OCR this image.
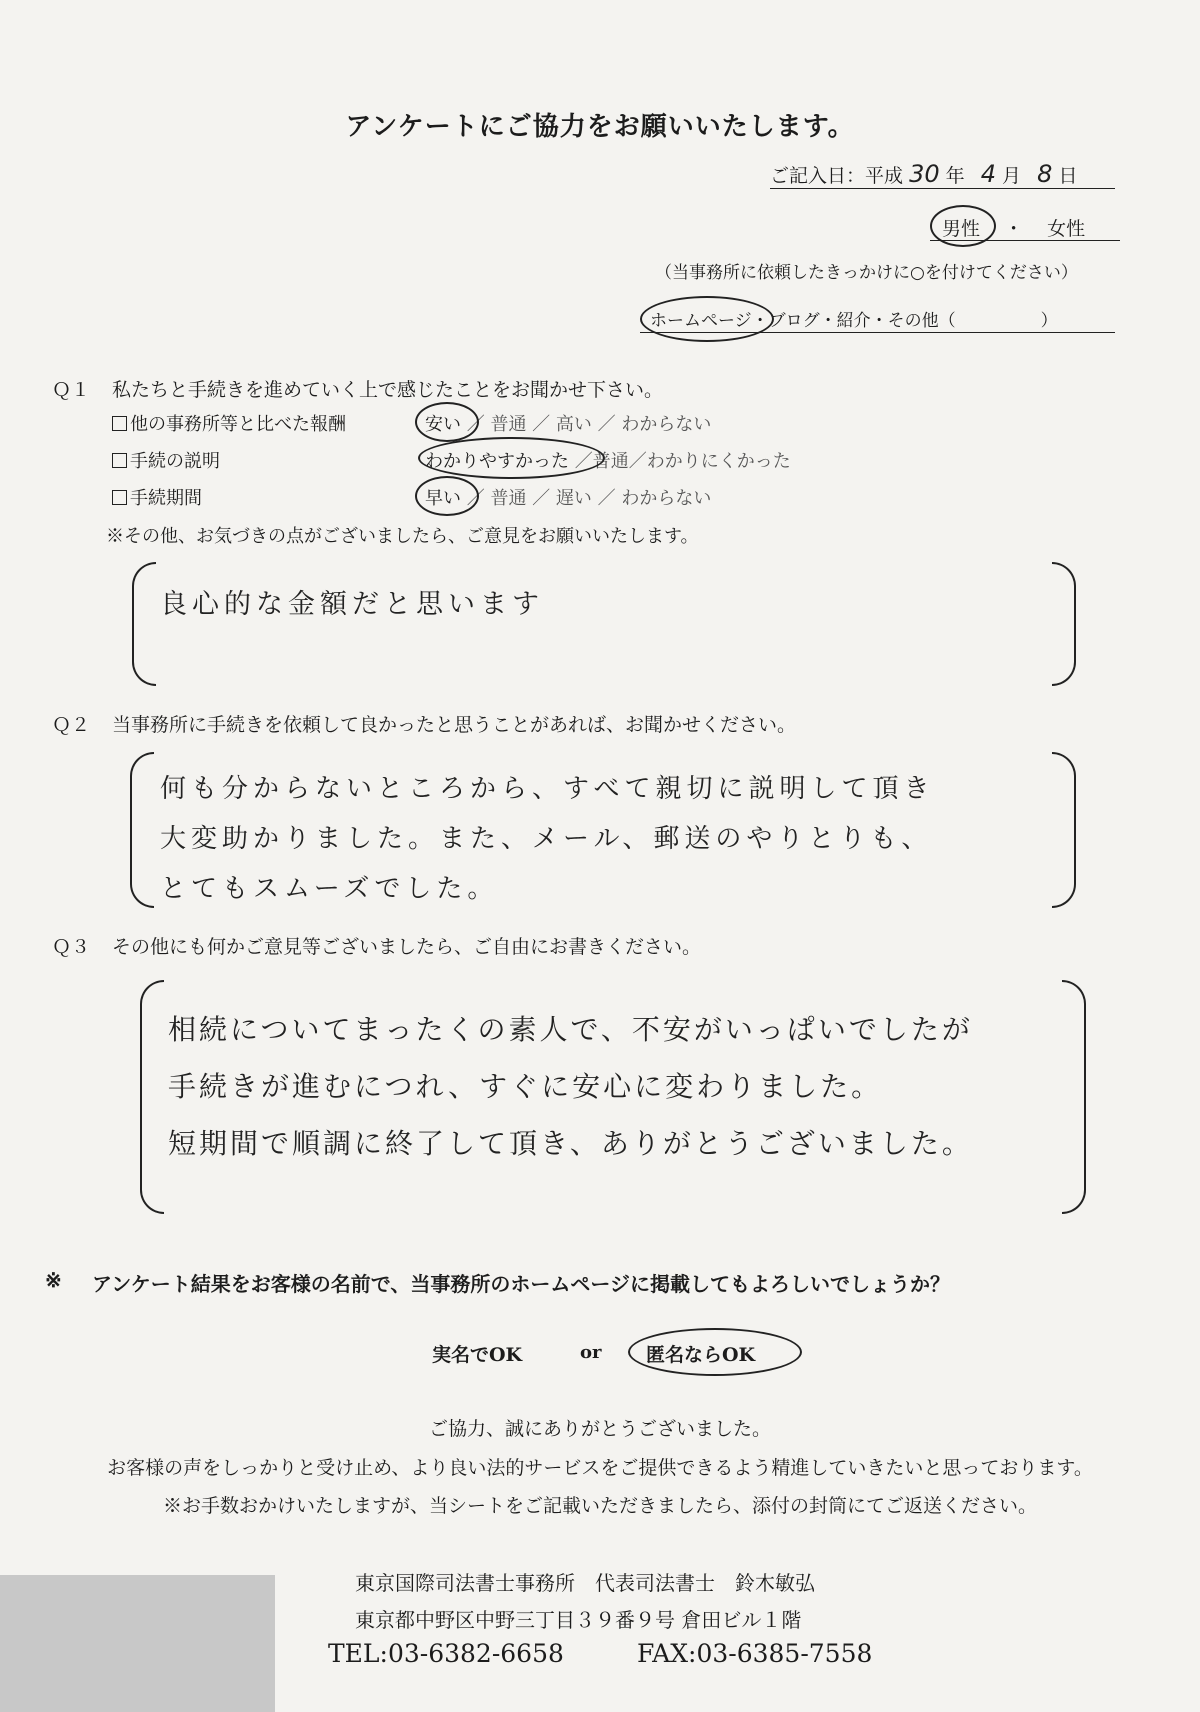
アンケートにご協力をお願いいたします。
ご記入日：平成 30 年 4 月 8 日
男性 ・ 女性
（当事務所に依頼したきっかけに○を付けてください）
ホームページ・ブログ・紹介・その他（　　　　　）
Ｑ１ 私たちと手続きを進めていく上で感じたことをお聞かせ下さい。
他の事務所等と比べた報酬	安い ／ 普通 ／ 高い ／ わからない
手続の説明	わかりやすかった ／普通／わかりにくかった
手続期間	早い ／ 普通 ／ 遅い ／ わからない
※その他、お気づきの点がございましたら、ご意見をお願いいたします。
良心的な金額だと思います
Ｑ２ 当事務所に手続きを依頼して良かったと思うことがあれば、お聞かせください。
何も分からないところから、すべて親切に説明して頂き
大変助かりました。また、メール、郵送のやりとりも、
とてもスムーズでした。
Ｑ３ その他にも何かご意見等ございましたら、ご自由にお書きください。
相続についてまったくの素人で、不安がいっぱいでしたが
手続きが進むにつれ、すぐに安心に変わりました。
短期間で順調に終了して頂き、ありがとうございました。
※ アンケート結果をお客様の名前で、当事務所のホームページに掲載してもよろしいでしょうか？
実名でOK	or 匿名ならOK
ご協力、誠にありがとうございました。
お客様の声をしっかりと受け止め、より良い法的サービスをご提供できるよう精進していきたいと思っております。
※お手数おかけいたしますが、当シートをご記載いただきましたら、添付の封筒にてご返送ください。
東京国際司法書士事務所　代表司法書士　鈴木敏弘
東京都中野区中野三丁目３９番９号 倉田ビル１階
TEL:03-6382-6658	FAX:03-6385-7558
